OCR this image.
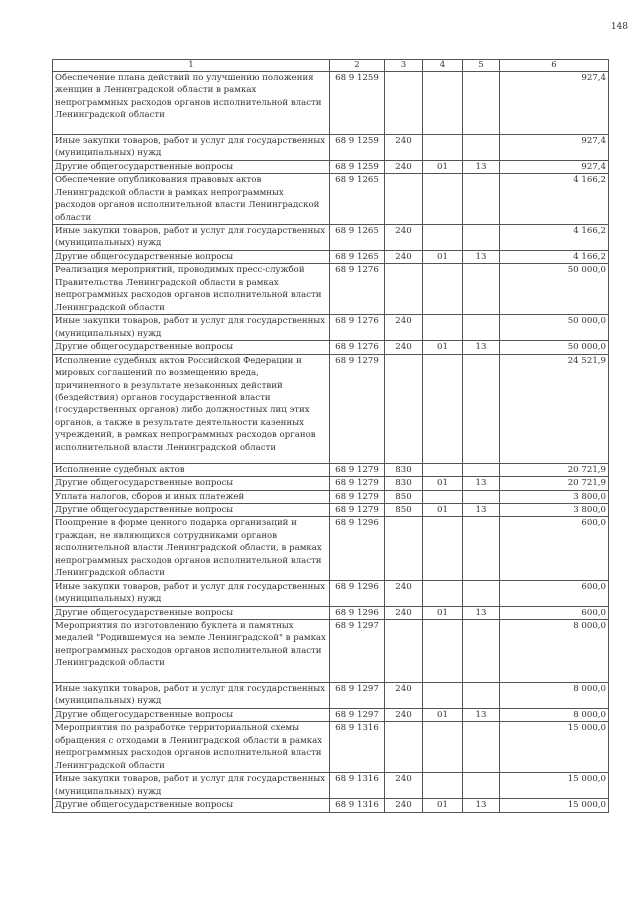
148
1	2	3	4	5	6
Обеспечение плана действий по улучшению положения женщин в Ленинградской области в рамках непрограммных расходов органов исполнительной власти Ленинградской области	68 9 1259				927,4
Иные закупки товаров, работ и услуг для государственных (муниципальных) нужд	68 9 1259	240			927,4
Другие общегосударственные вопросы	68 9 1259	240	01	13	927,4
Обеспечение опубликования правовых актов Ленинградской области в рамках непрограммных расходов органов исполнительной власти Ленинградской области	68 9 1265				4 166,2
Иные закупки товаров, работ и услуг для государственных (муниципальных) нужд	68 9 1265	240			4 166,2
Другие общегосударственные вопросы	68 9 1265	240	01	13	4 166,2
Реализация мероприятий, проводимых пресс-службой Правительства Ленинградской области в рамках непрограммных расходов органов исполнительной власти Ленинградской области	68 9 1276				50 000,0
Иные закупки товаров, работ и услуг для государственных (муниципальных) нужд	68 9 1276	240			50 000,0
Другие общегосударственные вопросы	68 9 1276	240	01	13	50 000,0
Исполнение судебных актов Российской Федерации и мировых соглашений по возмещению вреда, причиненного в результате незаконных действий (бездействия) органов государственной власти (государственных органов) либо должностных лиц этих органов, а также в результате деятельности казенных учреждений, в рамках непрограммных расходов органов исполнительной власти Ленинградской области	68 9 1279				24 521,9
Исполнение судебных актов	68 9 1279	830			20 721,9
Другие общегосударственные вопросы	68 9 1279	830	01	13	20 721,9
Уплата налогов, сборов и иных платежей	68 9 1279	850			3 800,0
Другие общегосударственные вопросы	68 9 1279	850	01	13	3 800,0
Поощрение в форме ценного подарка организаций и граждан, не являющихся сотрудниками органов исполнительной власти Ленинградской области, в рамках непрограммных расходов органов исполнительной власти Ленинградской области	68 9 1296				600,0
Иные закупки товаров, работ и услуг для государственных (муниципальных) нужд	68 9 1296	240			600,0
Другие общегосударственные вопросы	68 9 1296	240	01	13	600,0
Мероприятия по изготовлению буклета и памятных медалей "Родившемуся на земле Ленинградской" в рамках непрограммных расходов органов исполнительной власти Ленинградской области	68 9 1297				8 000,0
Иные закупки товаров, работ и услуг для государственных (муниципальных) нужд	68 9 1297	240			8 000,0
Другие общегосударственные вопросы	68 9 1297	240	01	13	8 000,0
Мероприятия по разработке территориальной схемы обращения с отходами в Ленинградской области в рамках непрограммных расходов органов исполнительной власти Ленинградской области	68 9 1316				15 000,0
Иные закупки товаров, работ и услуг для государственных (муниципальных) нужд	68 9 1316	240			15 000,0
Другие общегосударственные вопросы	68 9 1316	240	01	13	15 000,0
